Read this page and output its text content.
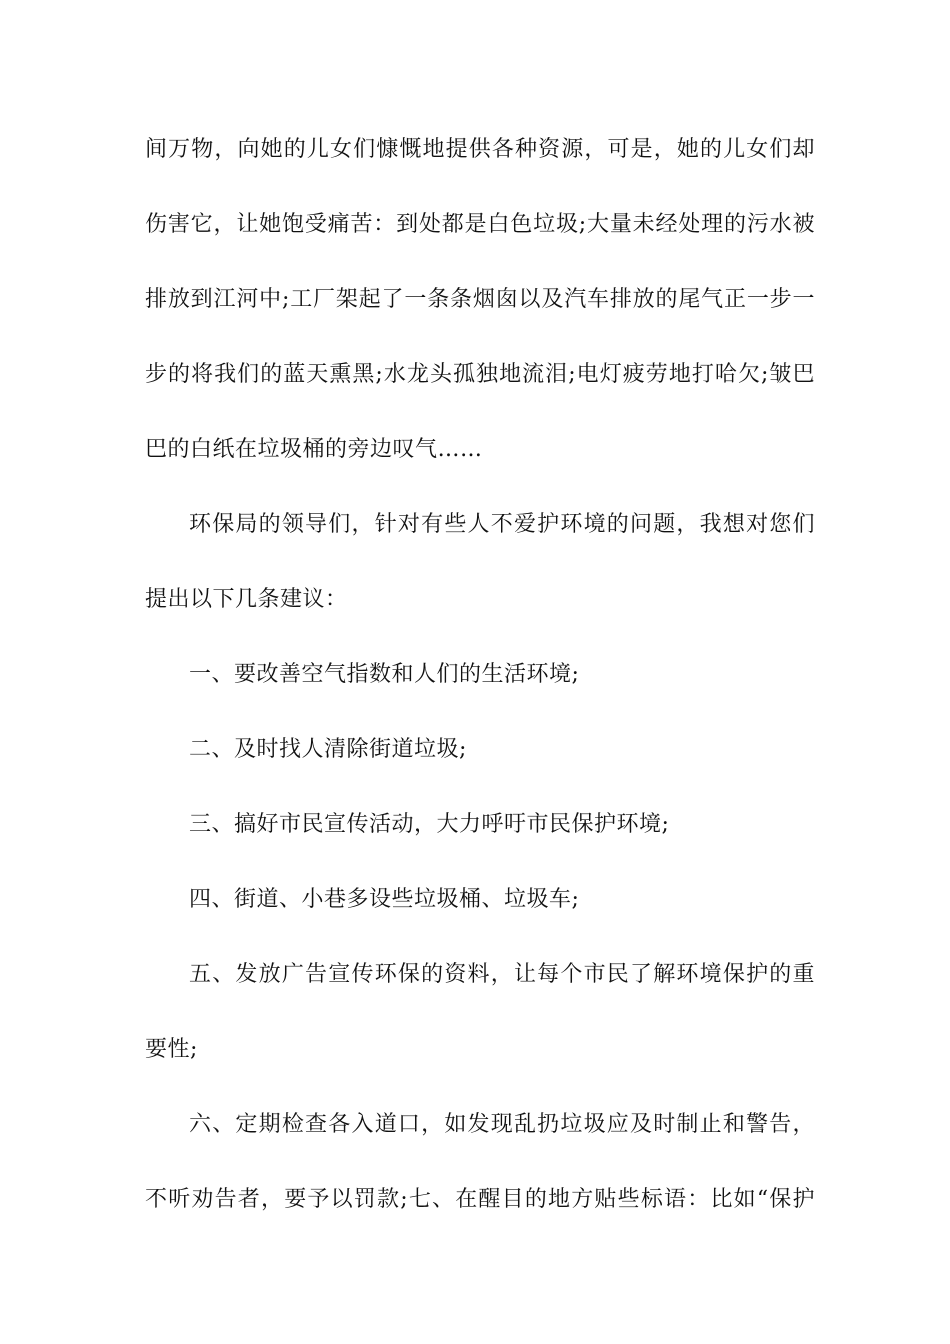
间万物，向她的儿女们慷慨地提供各种资源，可是，她的儿女们却
伤害它，让她饱受痛苦：到处都是白色垃圾;大量未经处理的污水被
排放到江河中;工厂架起了一条条烟囱以及汽车排放的尾气正一步一
步的将我们的蓝天熏黑;水龙头孤独地流泪;电灯疲劳地打哈欠;皱巴
巴的白纸在垃圾桶的旁边叹气……
环保局的领导们，针对有些人不爱护环境的问题，我想对您们
提出以下几条建议：
一、要改善空气指数和人们的生活环境;
二、及时找人清除街道垃圾;
三、搞好市民宣传活动，大力呼吁市民保护环境;
四、街道、小巷多设些垃圾桶、垃圾车;
五、发放广告宣传环保的资料，让每个市民了解环境保护的重
要性;
六、定期检查各入道口，如发现乱扔垃圾应及时制止和警告，
不听劝告者，要予以罚款;七、在醒目的地方贴些标语：比如“保护
